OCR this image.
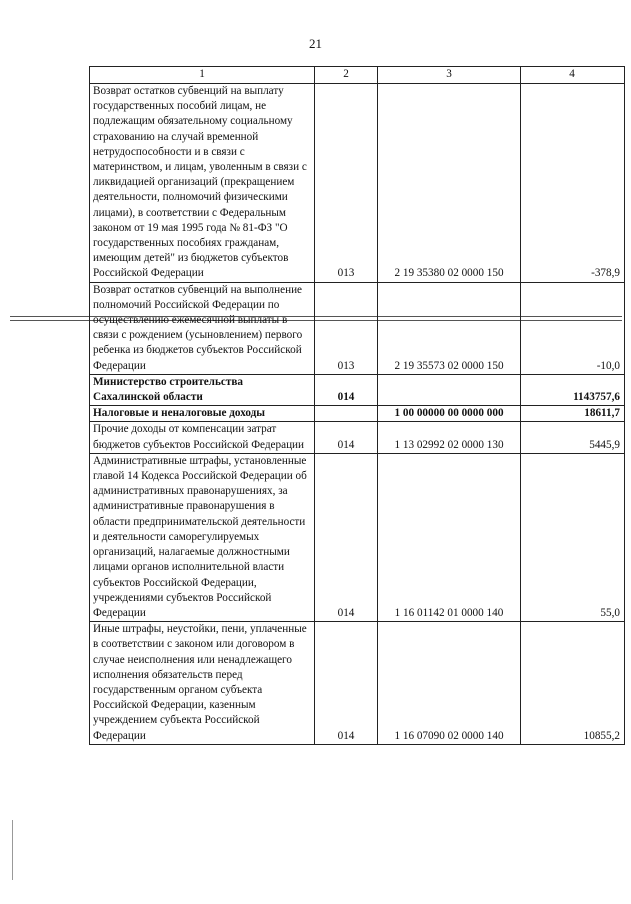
21
1	2	3	4
Возврат остатков субвенций на выплату государственных пособий лицам, не подлежащим обязательному социальному страхованию на случай временной нетрудоспособности и в связи с материнством, и лицам, уволенным в связи с ликвидацией организаций (прекращением деятельности, полномочий физическими лицами), в соответствии с Федеральным законом от 19 мая 1995 года № 81-ФЗ "О государственных пособиях гражданам, имеющим детей" из бюджетов субъектов Российской Федерации	013	2 19 35380 02 0000 150	-378,9
Возврат остатков субвенций на выполнение полномочий Российской Федерации по осуществлению ежемесячной выплаты в связи с рождением (усыновлением) первого ребенка из бюджетов субъектов Российской Федерации	013	2 19 35573 02 0000 150	-10,0
Министерство строительства Сахалинской области	014		1143757,6
Налоговые и неналоговые доходы		1 00 00000 00 0000 000	18611,7
Прочие доходы от компенсации затрат бюджетов субъектов Российской Федерации	014	1 13 02992 02 0000 130	5445,9
Административные штрафы, установленные главой 14 Кодекса Российской Федерации об административных правонарушениях, за административные правонарушения в области предпринимательской деятельности и деятельности саморегулируемых организаций, налагаемые должностными лицами органов исполнительной власти субъектов Российской Федерации, учреждениями субъектов Российской Федерации	014	1 16 01142 01 0000 140	55,0
Иные штрафы, неустойки, пени, уплаченные в соответствии с законом или договором в случае неисполнения или ненадлежащего исполнения обязательств перед государственным органом субъекта Российской Федерации, казенным учреждением субъекта Российской Федерации	014	1 16 07090 02 0000 140	10855,2
